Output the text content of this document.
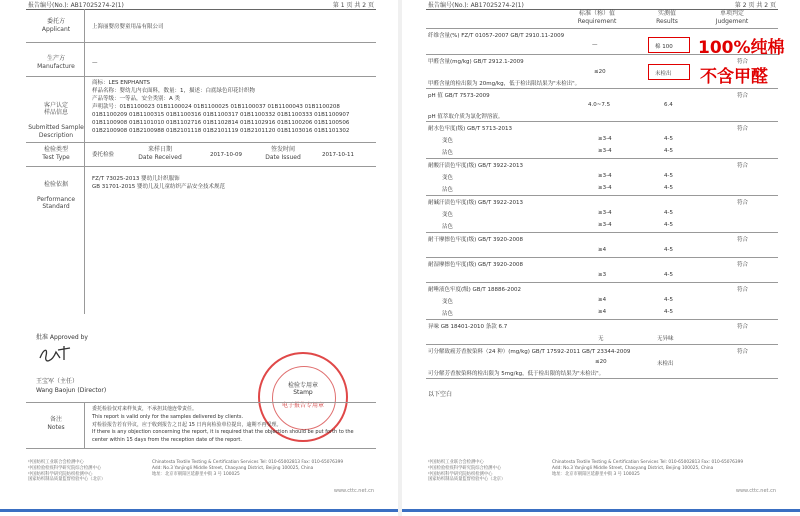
报告编号(No.): AB17025274-2(1)	第 1 页 共 2 页
委托方
Applicant	上海丽婴房婴童用品有限公司
生产方
Manufacture	—

客户认定
样品信息

Submitted Sample
Description

商标：LES ENPHANTS
样品名称：婴幼儿内衣面料，数量：1，描述：白底绿色印花针织物
产品等级：一等品，安全类别：A 类
声明款号：01B1100023 01B1100024 01B1100025 01B1100037 01B1100043 01B1100208
01B1100209 01B1100315 01B1100316 01B1100317 01B1100332 01B1100333 01B1100907
01B1100908 01B1101010 01B1102716 01B1102814 01B1102916 01B1100206 01B1100506
01B2100908 01B2100988 01B2101118 01B2101119 01B2101120 01B1103016 01B1101302
检验类型
Test Type	委托检验
来样日期
Date Received	2017-10-09
签发时间
Date Issued	2017-10-11

检验依据

Performance
Standard

FZ/T 73025-2013 婴幼儿针织服饰
GB 31701-2015 婴幼儿及儿童纺织产品安全技术规范
批准 Approved by
王宝军（主任）
Wang Baojun (Director)
检验专用章
Stamp
电子报告专用章
备注
Notes
委托检验仅对来样负责，不承担其他连带责任。
This report is valid only for the samples delivered by clients.
对检验报告若有异议，应于收到报告之日起 15 日内向检验单位提出，逾期不再受理。
If there is any objection concerning the report, it is required that the objection should be put forth to the
center within 15 days from the reception date of the report.
中国纺织工业联合会检测中心
中国检验检疫科学研究院综合检测中心
中国纺织科学研究院纺织检测中心
国家纺织制品质量监督检验中心（北京）
Chinatesta Textile Testing & Certification Services Tel: 010-65002813 Fax: 010-65076399
Add: No.3 Yanjingli Middle Street, Chaoyang District, Beijing 100025, China
地址：北京市朝阳区延静里中街 3 号 100025
www.cttc.net.cn
报告编号(No.): AB17025274-2(1)	第 2 页 共 2 页
标准（称）值
Requirement
实测值
Results
单项判定
Judgement
纤维含量(%) FZ/T 01057-2007 GB/T 2910.11-2009
—	棉 100 100%纯棉
甲醛含量(mg/kg) GB/T 2912.1-2009	符合
≤20	未检出 不含甲醛
甲醛含量的检出限为 20mg/kg，低于检出限结果为"未检出"。
pH 值 GB/T 7573-2009	符合
4.0~7.5	6.4
pH 值萃取介质为氯化钾溶液。
耐水色牢度(级) GB/T 5713-2013	符合
变色	≥3-4	4-5
沾色	≥3-4	4-5
耐酸汗渍色牢度(级) GB/T 3922-2013	符合
变色	≥3-4	4-5
沾色	≥3-4	4-5
耐碱汗渍色牢度(级) GB/T 3922-2013	符合
变色	≥3-4	4-5
沾色	≥3-4	4-5
耐干摩擦色牢度(级) GB/T 3920-2008	符合
≥4	4-5
耐湿摩擦色牢度(级) GB/T 3920-2008	符合
≥3	4-5
耐唾液色牢度(级) GB/T 18886-2002	符合
变色	≥4	4-5
沾色	≥4	4-5
异味 GB 18401-2010 条款 6.7	符合
无	无异味
可分解致癌芳香胺染料（24 种）(mg/kg) GB/T 17592-2011 GB/T 23344-2009	符合
≤20	未检出
可分解芳香胺染料的检出限为 5mg/kg，低于检出限的结果为"未检出"。
以下空白
中国纺织工业联合会检测中心
中国检验检疫科学研究院综合检测中心
中国纺织科学研究院纺织检测中心
国家纺织制品质量监督检验中心（北京）
Chinatesta Textile Testing & Certification Services Tel: 010-65002813 Fax: 010-65076399
Add: No.3 Yanjingli Middle Street, Chaoyang District, Beijing 100025, China
地址：北京市朝阳区延静里中街 3 号 100025
www.cttc.net.cn
